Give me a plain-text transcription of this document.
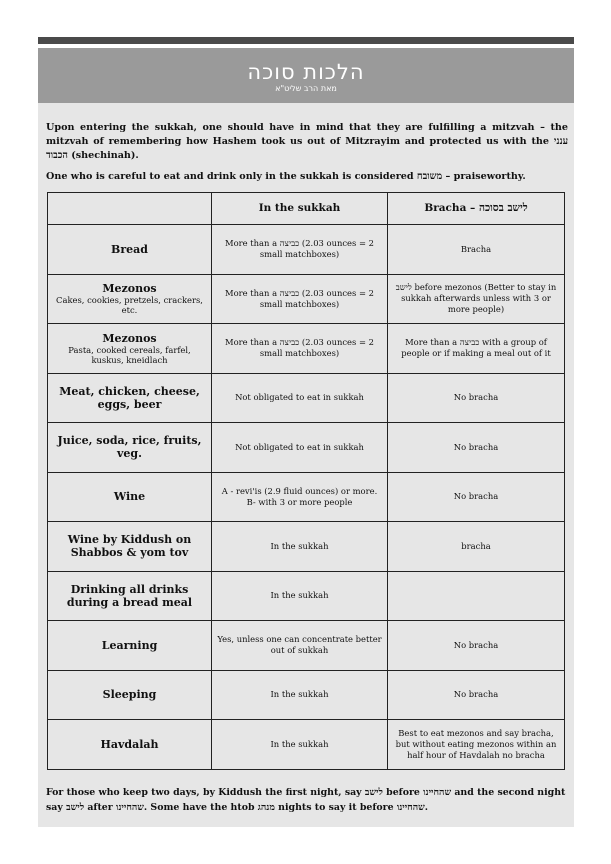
הלכות סוכה
מאת הרב שליט"א

Upon entering the sukkah, one should have in mind that they are fulfilling a mitzvah – the mitzvah of remembering how Hashem took us out of Mitzrayim and protected us with the ענני הכבוד (shechinah).

One who is careful to eat and drink only in the sukkah is considered משובח – praiseworthy.

	In the sukkah	Bracha – לישב בסוכה

Bread	More than a כביצה (2.03 ounces = 2 small matchboxes)	Bracha

Mezonos
Cakes, cookies, pretzels, crackers, etc.	More than a כביצה (2.03 ounces = 2 small matchboxes)	לישב before mezonos (Better to stay in sukkah afterwards unless with 3 or more people)

Mezonos
Pasta, cooked cereals, farfel, kuskus, kneidlach	More than a כביצה (2.03 ounces = 2 small matchboxes)	More than a כביצה with a group of people or if making a meal out of it

Meat, chicken, cheese, eggs, beer	Not obligated to eat in sukkah	No bracha

Juice, soda, rice, fruits, veg.	Not obligated to eat in sukkah	No bracha

Wine	A - revi'is (2.9 fluid ounces) or more. B- with 3 or more people	No bracha

Wine by Kiddush on Shabbos & yom tov	In the sukkah	bracha

Drinking all drinks during a bread meal	In the sukkah	

Learning	Yes, unless one can concentrate better out of sukkah	No bracha

Sleeping	In the sukkah	No bracha

Havdalah	In the sukkah	Best to eat mezonos and say bracha, but without eating mezonos within an half hour of Havdalah no bracha
For those who keep two days, by Kiddush the first night, say לישב before שהחיינו and the second night say לישב after שהחיינו. Some have the htob מנהג nights to say it before שהחיינו.
